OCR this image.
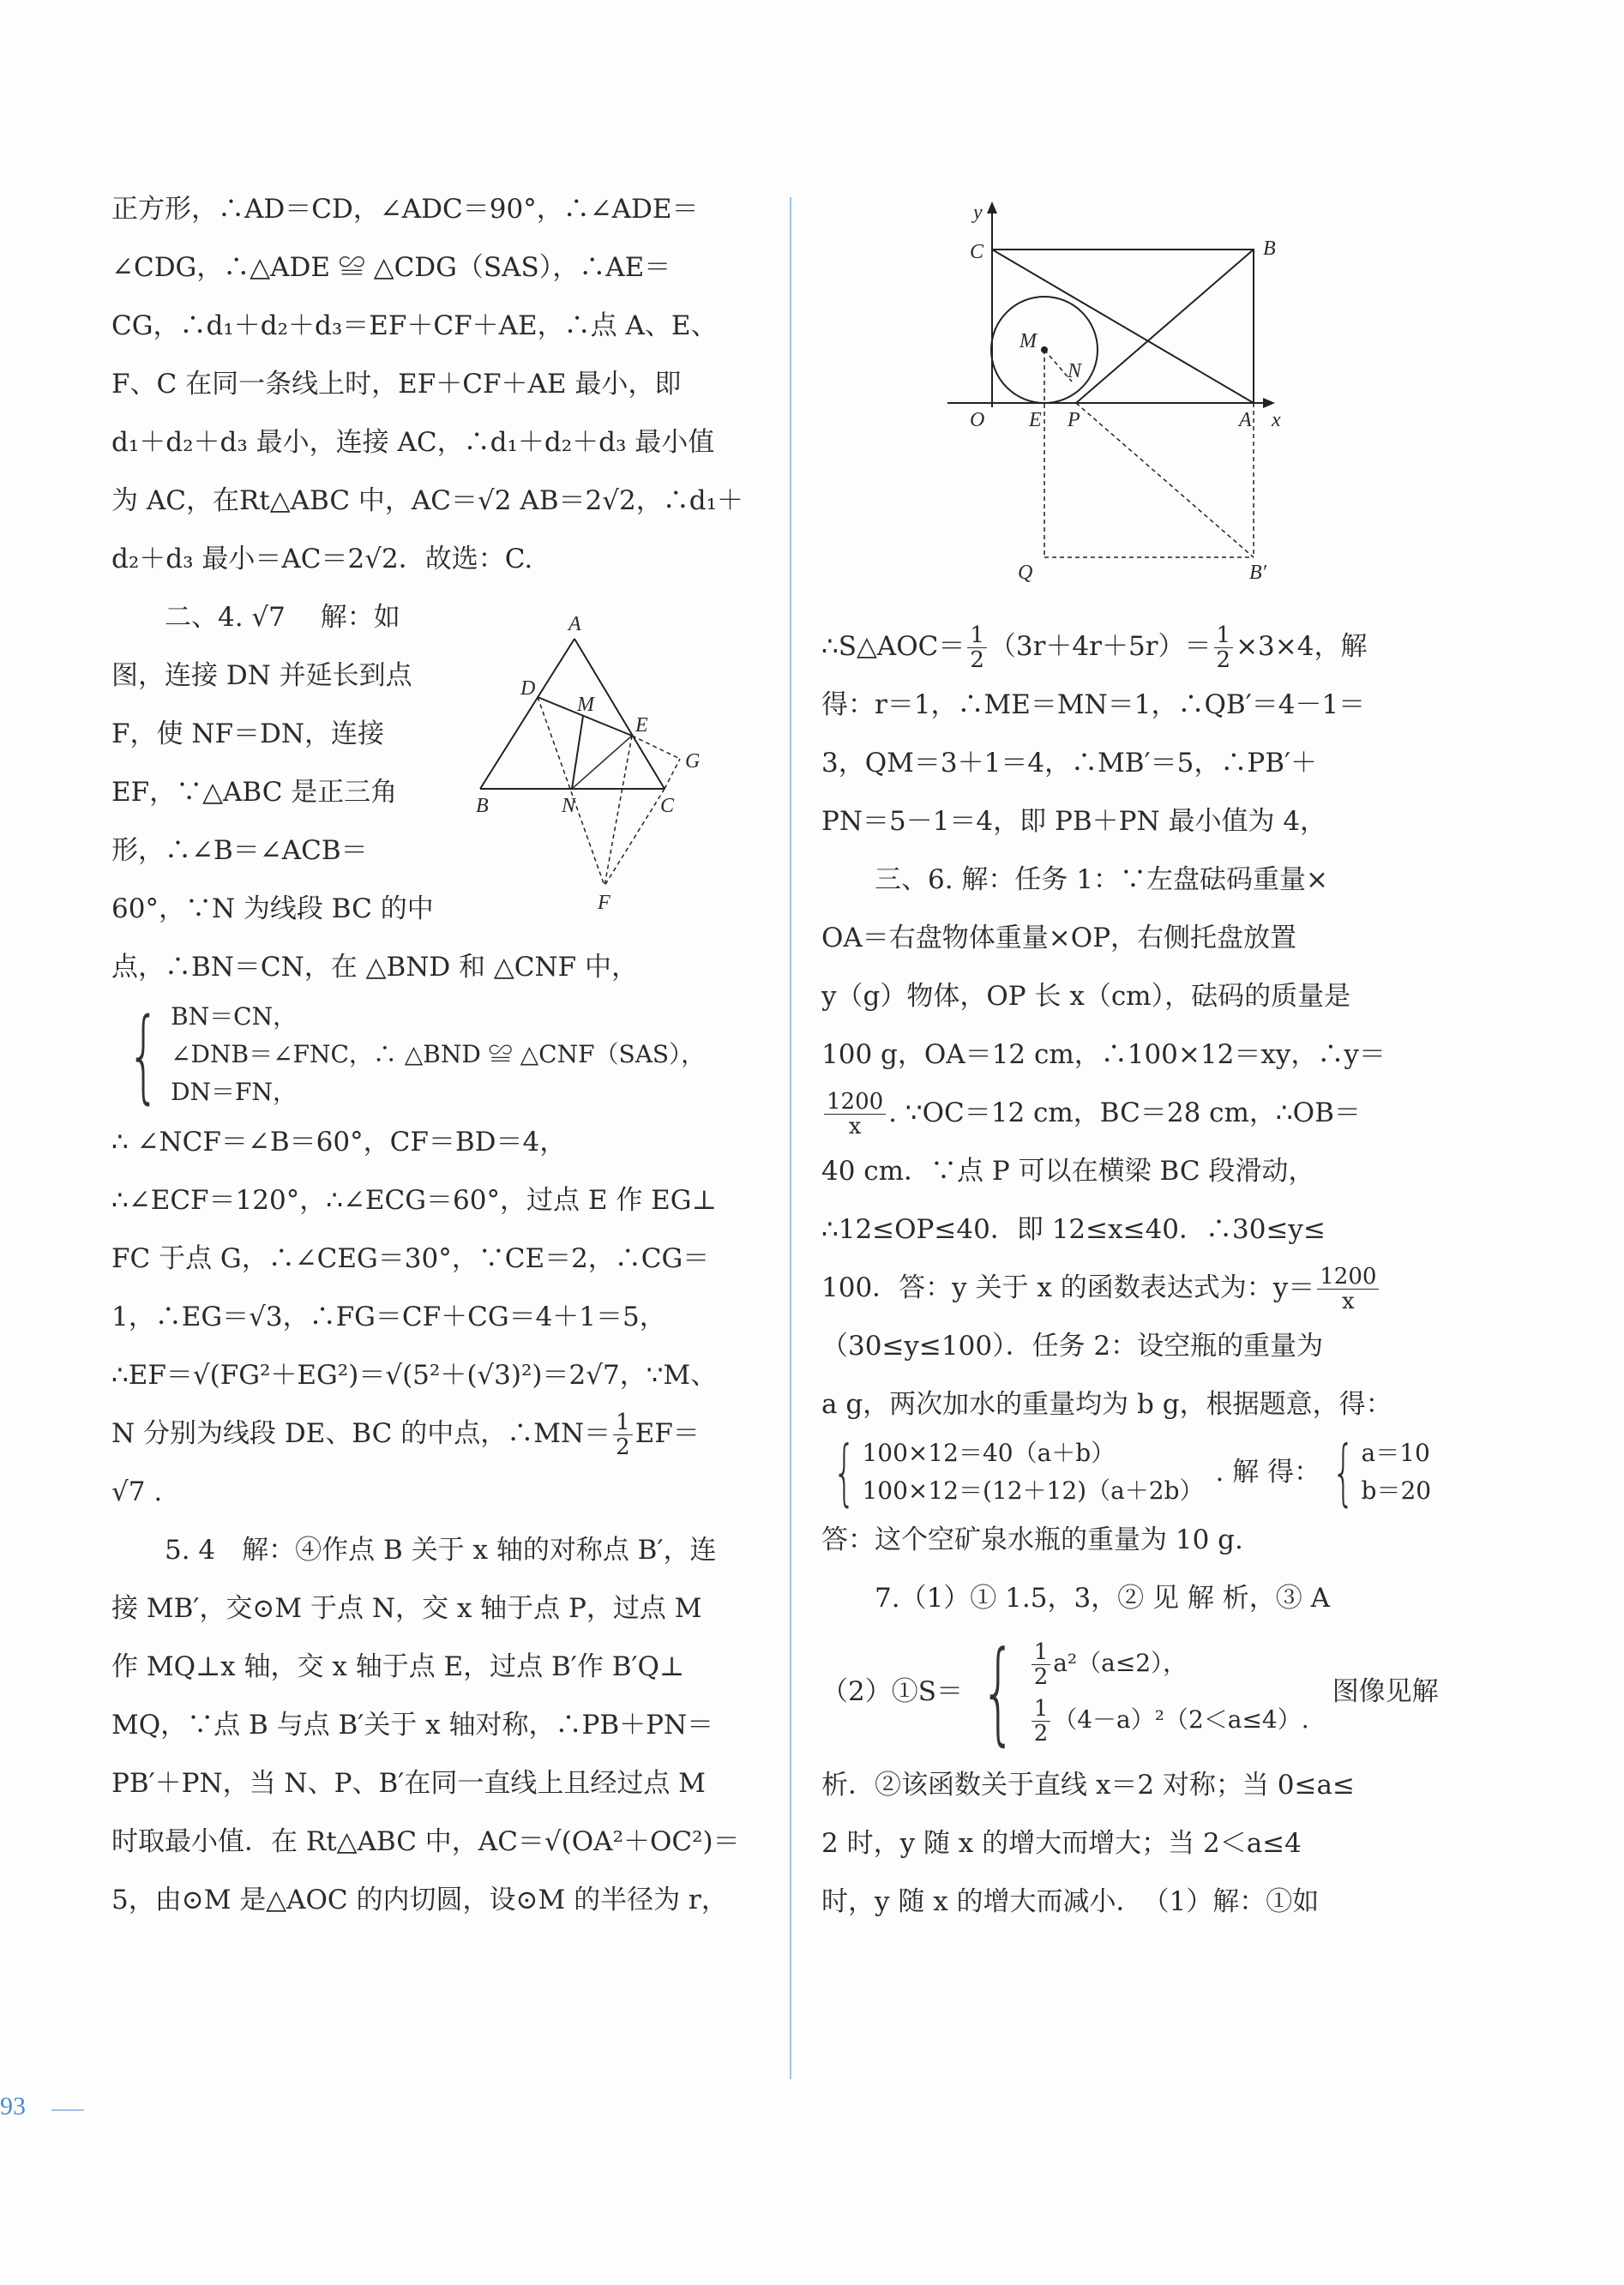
正方形，∴AD＝CD，∠ADC＝90°，∴∠ADE＝
∠CDG，∴△ADE ≌ △CDG（SAS），∴AE＝
CG，∴d₁＋d₂＋d₃＝EF＋CF＋AE，∴点 A、E、
F、C 在同一条线上时，EF＋CF＋AE 最小，即
d₁＋d₂＋d₃ 最小，连接 AC，∴d₁＋d₂＋d₃ 最小值
为 AC，在Rt△ABC 中，AC＝√2 AB＝2√2，∴d₁＋
d₂＋d₃ 最小＝AC＝2√2．故选：C.
二、4. √7　 解：如
图，连接 DN 并延长到点
F，使 NF＝DN，连接
EF，∵△ABC 是正三角
形，∴∠B＝∠ACB＝
60°，∵N 为线段 BC 的中
点，∴BN＝CN，在 △BND 和 △CNF 中，
{ BN＝CN，
∠DNB＝∠FNC，∴ △BND ≌ △CNF（SAS），
DN＝FN，
∴ ∠NCF＝∠B＝60°，CF＝BD＝4，
∴∠ECF＝120°，∴∠ECG＝60°，过点 E 作 EG⊥
FC 于点 G，∴∠CEG＝30°，∵CE＝2，∴CG＝
1，∴EG＝√3，∴FG＝CF＋CG＝4＋1＝5，
∴EF＝√(FG²＋EG²)＝√(5²＋(√3)²)＝2√7，∵M、
N 分别为线段 DE、BC 的中点，∴MN＝ $\frac{1}{2} EF=$
√7 .
5. 4　解：④作点 B 关于 x 轴的对称点 B′，连
接 MB′，交⊙M 于点 N，交 x 轴于点 P，过点 M
作 MQ⊥x 轴，交 x 轴于点 E，过点 B′作 B′Q⊥
MQ，∵点 B 与点 B′关于 x 轴对称，∴PB＋PN＝
PB′＋PN，当 N、P、B′在同一直线上且经过点 M
时取最小值．在 Rt△ABC 中，AC＝√(OA²＋OC²)＝
5，由⊙M 是△AOC 的内切圆，设⊙M 的半径为 r，
A
D
M
E
G
B	N	C
F
y
C	B
M
N
O E P	A x
Q	B′
∴S△AOC＝ $\frac{1}{2} (3r+4r+5r)= \frac{1}{2} \times 3\times 4$，解
得：r＝1，∴ME＝MN＝1，∴QB′＝4－1＝
3，QM＝3＋1＝4，∴MB′＝5，∴PB′＋
PN＝5－1＝4，即 PB＋PN 最小值为 4，
三、6. 解：任务 1：∵左盘砝码重量×
OA＝右盘物体重量×OP，右侧托盘放置
y（g）物体，OP 长 x（cm），砝码的质量是
100 g，OA＝12 cm，∴100×12＝xy，∴y＝
$\frac{1200}{x}$ . ∵OC＝12 cm，BC＝28 cm，∴OB＝
40 cm．∵点 P 可以在横梁 BC 段滑动，
∴12≤OP≤40．即 12≤x≤40．∴30≤y≤
100．答：y 关于 x 的函数表达式为：$y= \frac{1200}{x}$
（30≤y≤100）．任务 2：设空瓶的重量为
a g，两次加水的重量均为 b g，根据题意，得：
{ 100×12＝40（a＋b）
100×12＝(12＋12)（a＋2b）
. 解 得： { a＝10
b＝20
答：这个空矿泉水瓶的重量为 10 g.
7.（1）① 1.5，3，② 见 解 析，③ A
（2）①S＝ { $\frac{1}{2} a^2(a\le 2)$，
$\frac{1}{2} (4-a)^2(2<a\le 4)$.
图像见解
析．②该函数关于直线 x＝2 对称；当 0≤a≤
2 时，y 随 x 的增大而增大；当 2＜a≤4
时，y 随 x 的增大而减小．　（1）解：①如
93
